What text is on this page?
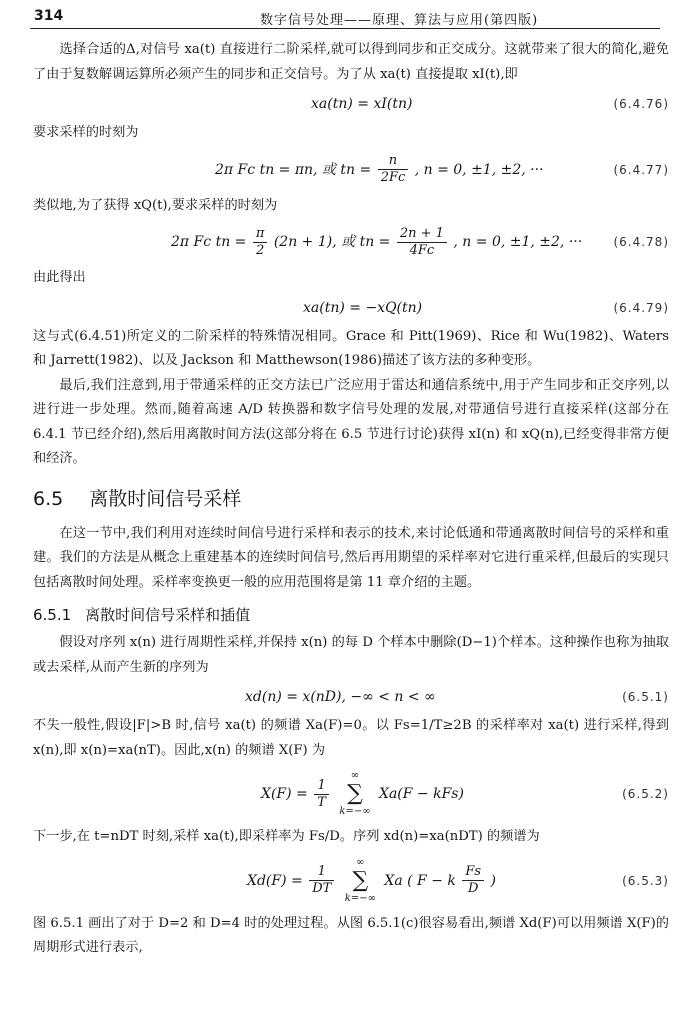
314	数字信号处理——原理、算法与应用(第四版)

选择合适的Δ,对信号 xa(t) 直接进行二阶采样,就可以得到同步和正交成分。这就带来了很大的简化,避免了由于复数解调运算所必须产生的同步和正交信号。为了从 xa(t) 直接提取 xI(t),即

xa(tn) = xI(tn)	(6.4.76)

要求采样的时刻为

2π Fc tn = πn, 或 tn = $\frac{n}{2Fc}$ , n = 0, ±1, ±2, ···	(6.4.77)

类似地,为了获得 xQ(t),要求采样的时刻为

2π Fc tn = $\frac{\pi}{2} (2n + 1)$, 或 tn = $\frac{2n + 1}{4Fc}$ , n = 0, ±1, ±2, ···	(6.4.78)

由此得出

xa(tn) = −xQ(tn)	(6.4.79)

这与式(6.4.51)所定义的二阶采样的特殊情况相同。Grace 和 Pitt(1969)、Rice 和 Wu(1982)、Waters 和 Jarrett(1982)、以及 Jackson 和 Matthewson(1986)描述了该方法的多种变形。

最后,我们注意到,用于带通采样的正交方法已广泛应用于雷达和通信系统中,用于产生同步和正交序列,以进行进一步处理。然而,随着高速 A/D 转换器和数字信号处理的发展,对带通信号进行直接采样(这部分在 6.4.1 节已经介绍),然后用离散时间方法(这部分将在 6.5 节进行讨论)获得 xI(n) 和 xQ(n),已经变得非常方便和经济。

6.5 离散时间信号采样

在这一节中,我们利用对连续时间信号进行采样和表示的技术,来讨论低通和带通离散时间信号的采样和重建。我们的方法是从概念上重建基本的连续时间信号,然后再用期望的采样率对它进行重采样,但最后的实现只包括离散时间处理。采样率变换更一般的应用范围将是第 11 章介绍的主题。

6.5.1 离散时间信号采样和插值

假设对序列 x(n) 进行周期性采样,并保持 x(n) 的每 D 个样本中删除(D−1)个样本。这种操作也称为抽取或去采样,从而产生新的序列为

xd(n) = x(nD), −∞ < n < ∞	(6.5.1)

不失一般性,假设|F|>B 时,信号 xa(t) 的频谱 Xa(F)=0。以 Fs=1/T≥2B 的采样率对 xa(t) 进行采样,得到 x(n),即 x(n)=xa(nT)。因此,x(n) 的频谱 X(F) 为

$X(F) = \frac{1}{T}$

∞
∑
k=−∞
Xa(F − kFs)	(6.5.2)

下一步,在 t=nDT 时刻,采样 xa(t),即采样率为 Fs/D。序列 xd(n)=xa(nDT) 的频谱为

$Xd(F) = \frac{1}{DT}$

∞
∑
k=−∞
Xa ( F − k $\frac{Fs}{D}$ )	(6.5.3)

图 6.5.1 画出了对于 D=2 和 D=4 时的处理过程。从图 6.5.1(c)很容易看出,频谱 Xd(F)可以用频谱 X(F)的周期形式进行表示,
